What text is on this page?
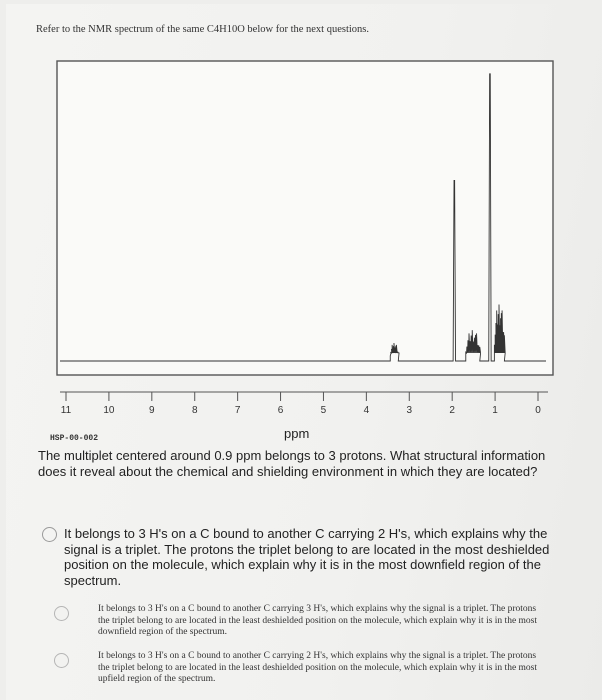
Refer to the NMR spectrum of the same C4H10O below for the next questions.
11	10	9	8	7	6	5	4	3	2	1	0
HSP-00-002	ppm
The multiplet centered around 0.9 ppm belongs to 3 protons. What structural information does it reveal about the chemical and shielding environment in which they are located?
It belongs to 3 H's on a C bound to another C carrying 2 H's, which explains why the signal is a triplet. The protons the triplet belong to are located in the most deshielded position on the molecule, which explain why it is in the most downfield region of the spectrum.
It belongs to 3 H's on a C bound to another C carrying 3 H's, which explains why the signal is a triplet. The protons the triplet belong to are located in the least deshielded position on the molecule, which explain why it is in the most downfield region of the spectrum.
It belongs to 3 H's on a C bound to another C carrying 2 H's, which explains why the signal is a triplet. The protons the triplet belong to are located in the least deshielded position on the molecule, which explain why it is in the most upfield region of the spectrum.
